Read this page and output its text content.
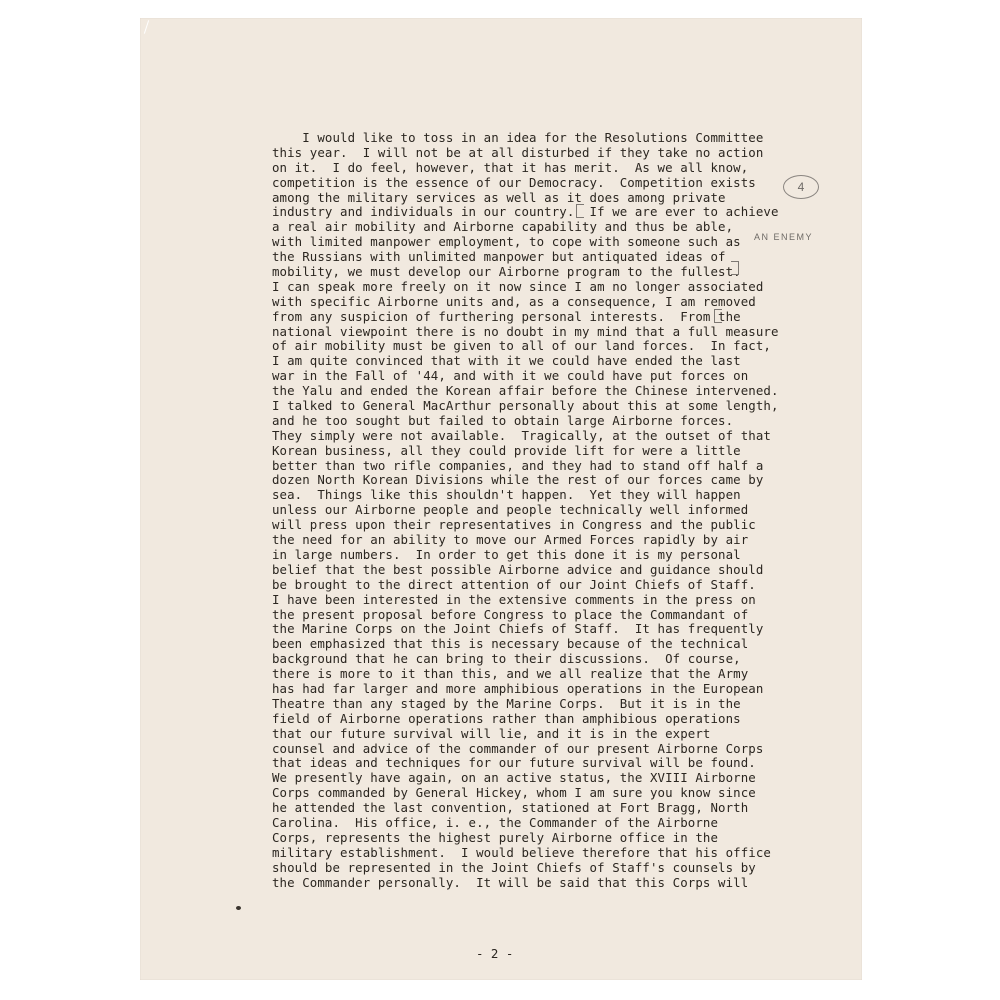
I would like to toss in an idea for the Resolutions Committee
this year.  I will not be at all disturbed if they take no action
on it.  I do feel, however, that it has merit.  As we all know,
competition is the essence of our Democracy.  Competition exists
among the military services as well as it does among private
industry and individuals in our country.  If we are ever to achieve
a real air mobility and Airborne capability and thus be able,
with limited manpower employment, to cope with someone such as
the Russians with unlimited manpower but antiquated ideas of
mobility, we must develop our Airborne program to the fullest.
I can speak more freely on it now since I am no longer associated
with specific Airborne units and, as a consequence, I am removed
from any suspicion of furthering personal interests.  From the
national viewpoint there is no doubt in my mind that a full measure
of air mobility must be given to all of our land forces.  In fact,
I am quite convinced that with it we could have ended the last
war in the Fall of '44, and with it we could have put forces on
the Yalu and ended the Korean affair before the Chinese intervened.
I talked to General MacArthur personally about this at some length,
and he too sought but failed to obtain large Airborne forces.
They simply were not available.  Tragically, at the outset of that
Korean business, all they could provide lift for were a little
better than two rifle companies, and they had to stand off half a
dozen North Korean Divisions while the rest of our forces came by
sea.  Things like this shouldn't happen.  Yet they will happen
unless our Airborne people and people technically well informed
will press upon their representatives in Congress and the public
the need for an ability to move our Armed Forces rapidly by air
in large numbers.  In order to get this done it is my personal
belief that the best possible Airborne advice and guidance should
be brought to the direct attention of our Joint Chiefs of Staff.
I have been interested in the extensive comments in the press on
the present proposal before Congress to place the Commandant of
the Marine Corps on the Joint Chiefs of Staff.  It has frequently
been emphasized that this is necessary because of the technical
background that he can bring to their discussions.  Of course,
there is more to it than this, and we all realize that the Army
has had far larger and more amphibious operations in the European
Theatre than any staged by the Marine Corps.  But it is in the
field of Airborne operations rather than amphibious operations
that our future survival will lie, and it is in the expert
counsel and advice of the commander of our present Airborne Corps
that ideas and techniques for our future survival will be found.
We presently have again, on an active status, the XVIII Airborne
Corps commanded by General Hickey, whom I am sure you know since
he attended the last convention, stationed at Fort Bragg, North
Carolina.  His office, i. e., the Commander of the Airborne
Corps, represents the highest purely Airborne office in the
military establishment.  I would believe therefore that his office
should be represented in the Joint Chiefs of Staff's counsels by
the Commander personally.  It will be said that this Corps will
4
AN ENEMY
- 2 -
